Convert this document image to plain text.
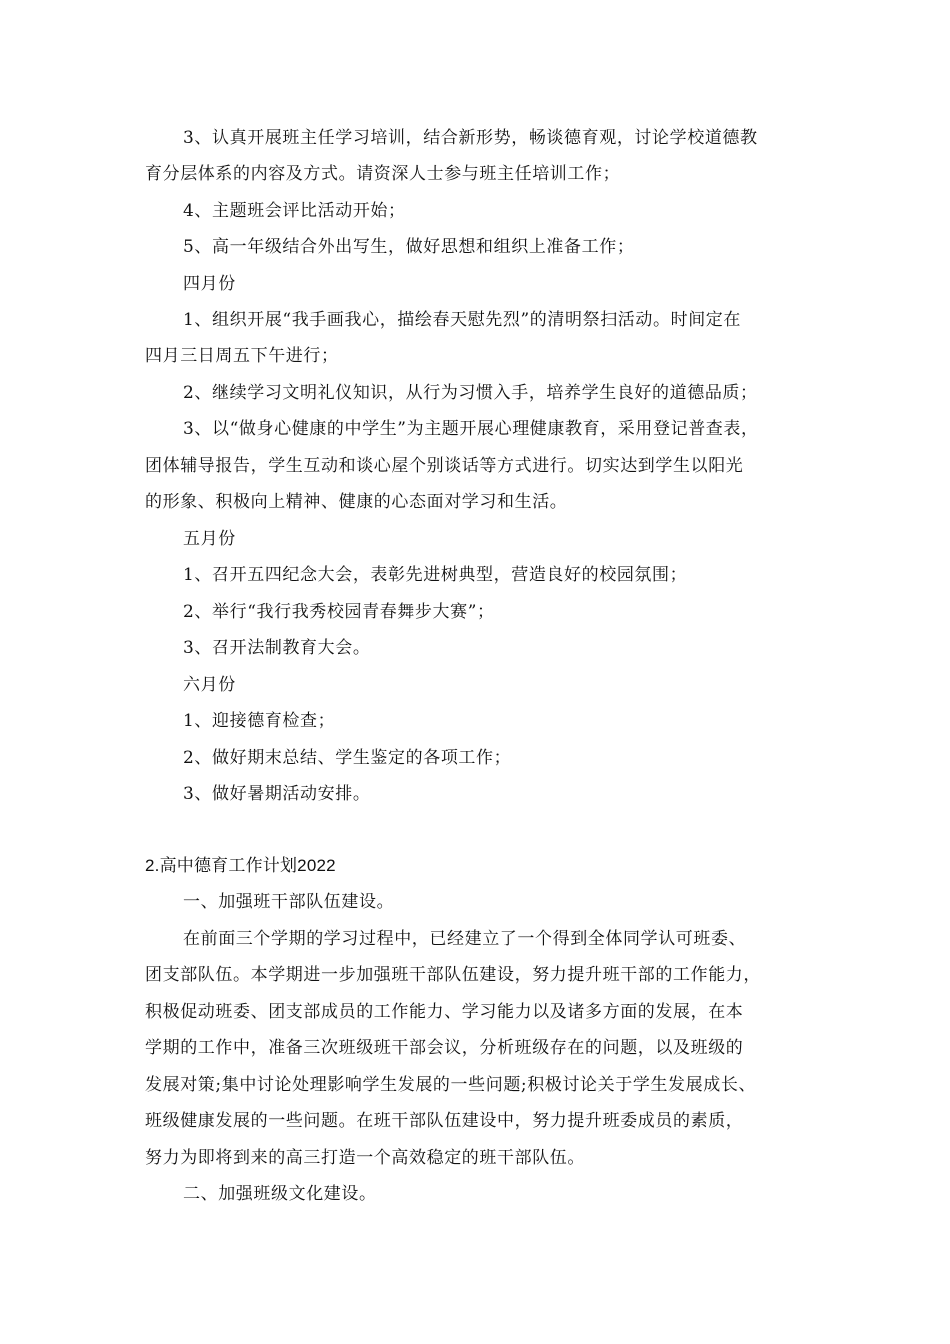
3、认真开展班主任学习培训，结合新形势，畅谈德育观，讨论学校道德教
育分层体系的内容及方式。请资深人士参与班主任培训工作；
4、主题班会评比活动开始；
5、高一年级结合外出写生，做好思想和组织上准备工作；
四月份
1、组织开展“我手画我心，描绘春天慰先烈”的清明祭扫活动。时间定在
四月三日周五下午进行；
2、继续学习文明礼仪知识，从行为习惯入手，培养学生良好的道德品质；
3、以“做身心健康的中学生”为主题开展心理健康教育，采用登记普查表，
团体辅导报告，学生互动和谈心屋个别谈话等方式进行。切实达到学生以阳光
的形象、积极向上精神、健康的心态面对学习和生活。
五月份
1、召开五四纪念大会，表彰先进树典型，营造良好的校园氛围；
2、举行“我行我秀校园青春舞步大赛”；
3、召开法制教育大会。
六月份
1、迎接德育检查；
2、做好期末总结、学生鉴定的各项工作；
3、做好暑期活动安排。
2.高中德育工作计划2022
一、加强班干部队伍建设。
在前面三个学期的学习过程中，已经建立了一个得到全体同学认可班委、
团支部队伍。本学期进一步加强班干部队伍建设，努力提升班干部的工作能力，
积极促动班委、团支部成员的工作能力、学习能力以及诸多方面的发展，在本
学期的工作中，准备三次班级班干部会议，分析班级存在的问题，以及班级的
发展对策;集中讨论处理影响学生发展的一些问题;积极讨论关于学生发展成长、
班级健康发展的一些问题。在班干部队伍建设中，努力提升班委成员的素质，
努力为即将到来的高三打造一个高效稳定的班干部队伍。
二、加强班级文化建设。
